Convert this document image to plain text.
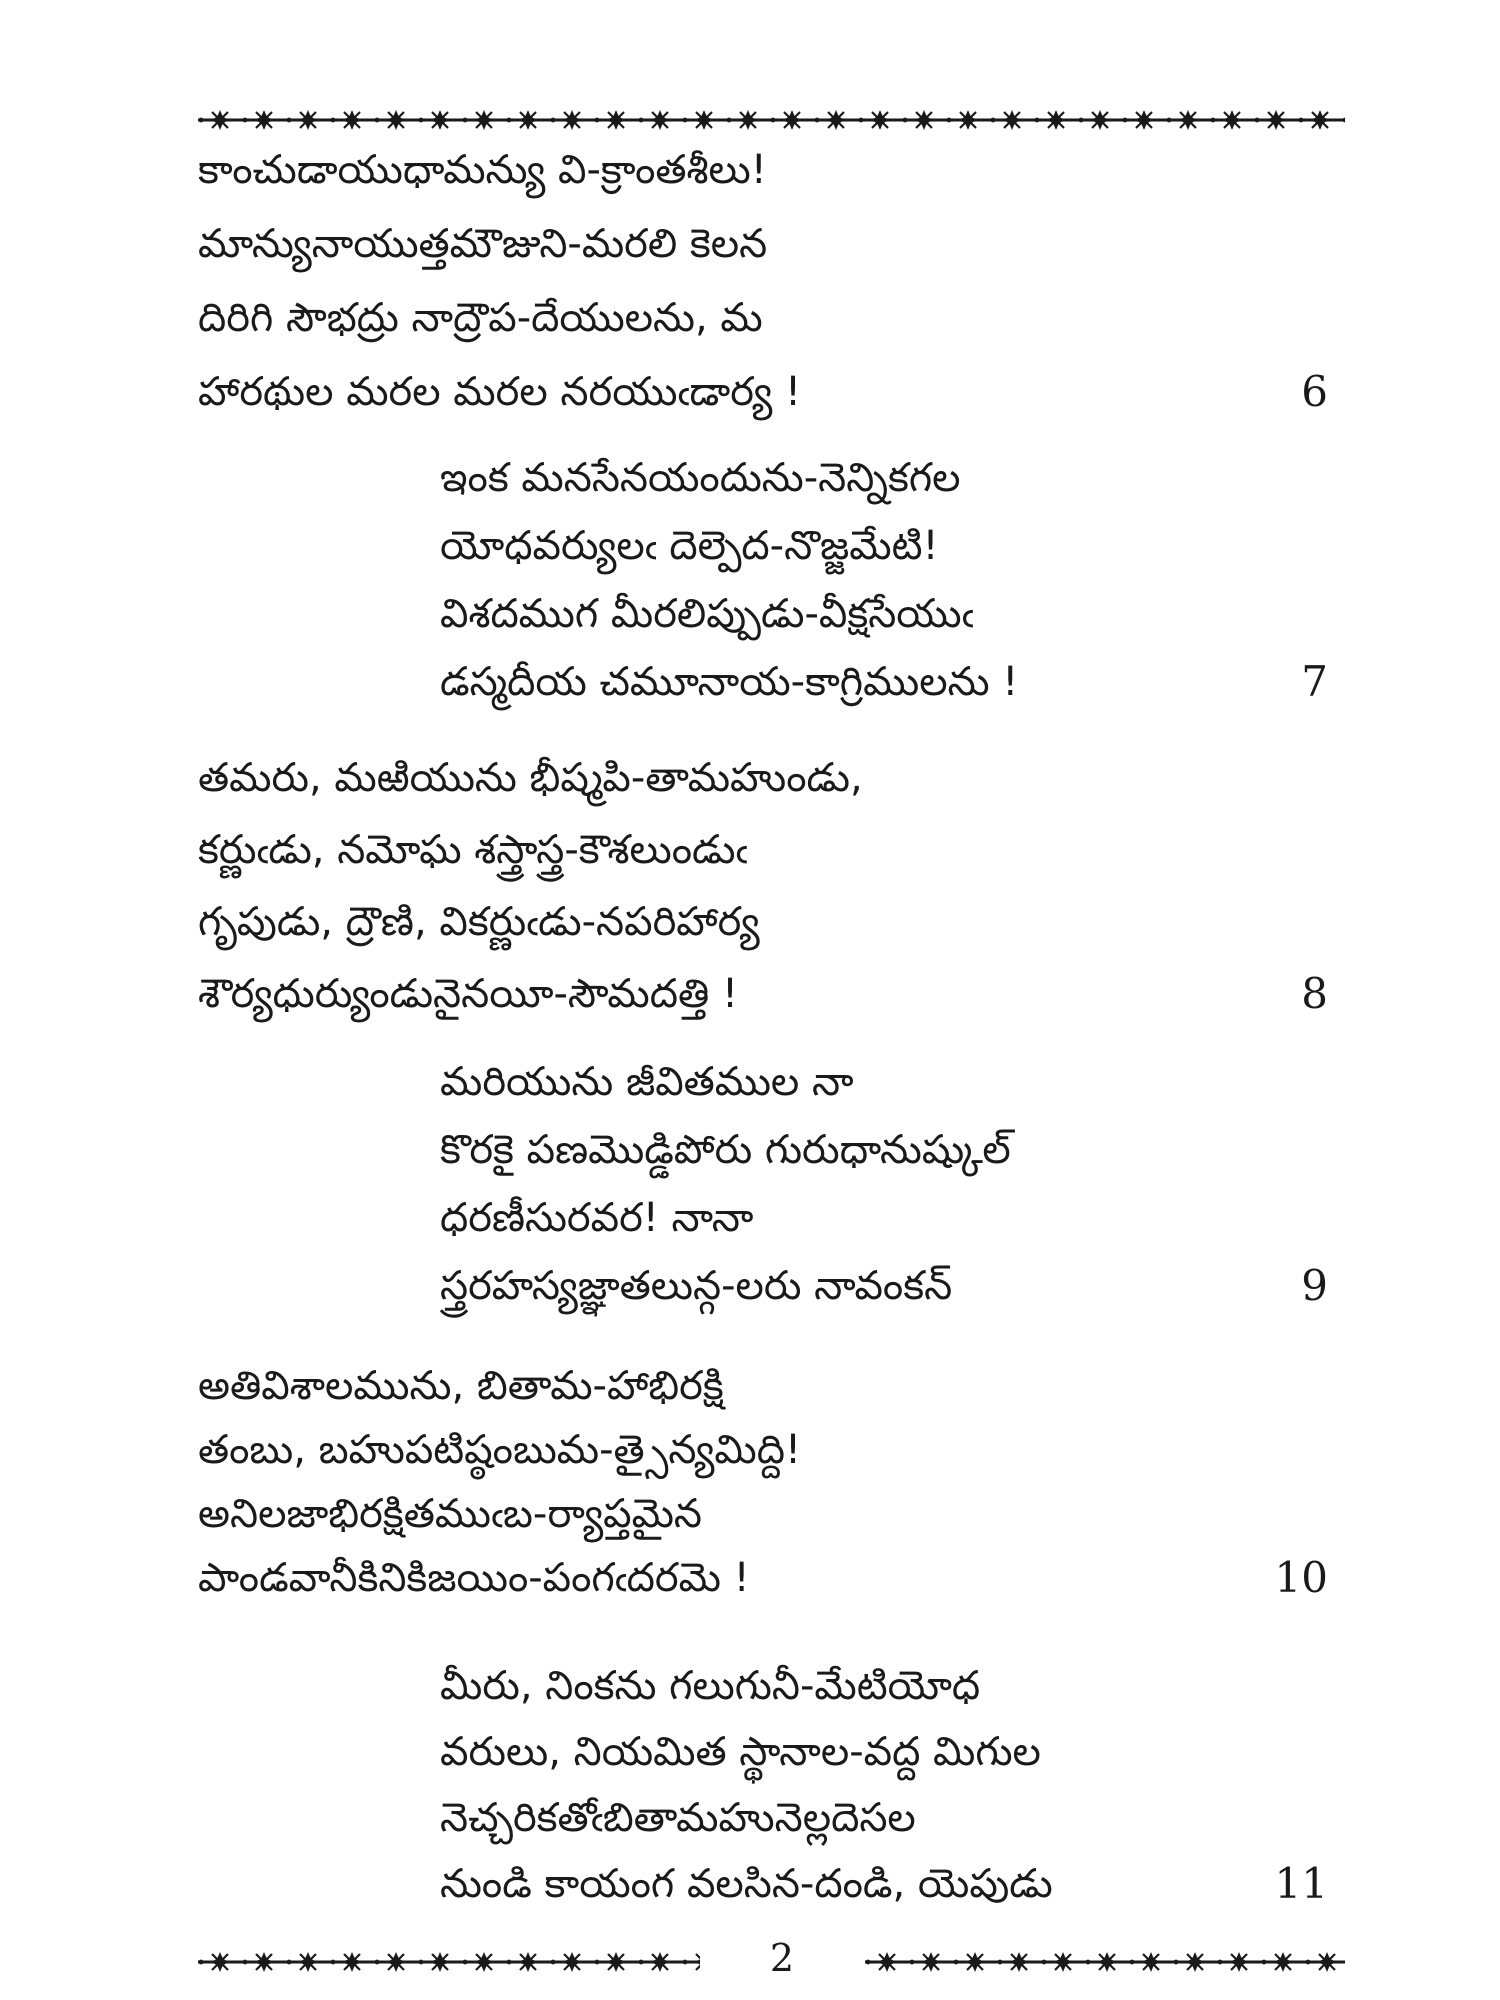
2
కాంచుడాయుధామన్యు వి-క్రాంతశీలు!
మాన్యునాయుత్తమౌజుని-మరలి కెలన
దిరిగి సౌభద్రు నాద్రౌప-దేయులను, మ
హారథుల మరల మరల నరయుఁడార్య !	6
ఇంక మనసేనయందును-నెన్నికగల
యోధవర్యులఁ దెల్పెద-నొజ్జమేటి!
విశదముగ మీరలిప్పుడు-వీక్షసేయుఁ
డస్మదీయ చమూనాయ-కాగ్రిములను !	7
తమరు, మఱియును భీష్మపి-తామహుండు,
కర్ణుఁడు, నమోఘ శస్త్రాస్త్ర-కౌశలుండుఁ
గృపుడు, ద్రౌణి, వికర్ణుఁడు-నపరిహార్య
శౌర్యధుర్యుండునైనయీ-సౌమదత్తి !	8
మరియును జీవితముల నా
కొరకై పణమొడ్డిపోరు గురుధానుష్కుల్
ధరణీసురవర! నానా
స్త్రరహస్యజ్ఞాతలున్గ-లరు నావంకన్	9
అతివిశాలమును, బితామ-హాభిరక్షి
తంబు, బహుపటిష్ఠంబుమ-త్సైన్యమిద్ది!
అనిలజాభిరక్షితముఁబ-ర్యాప్తమైన
పాండవానీకినికిజయిం-పంగఁదరమె !	10
మీరు, నింకను గలుగునీ-మేటియోధ
వరులు, నియమిత స్థానాల-వద్ద మిగుల
నెచ్చరికతోఁబితామహునెల్లదెసల
నుండి కాయంగ వలసిన-దండి, యెపుడు	11
